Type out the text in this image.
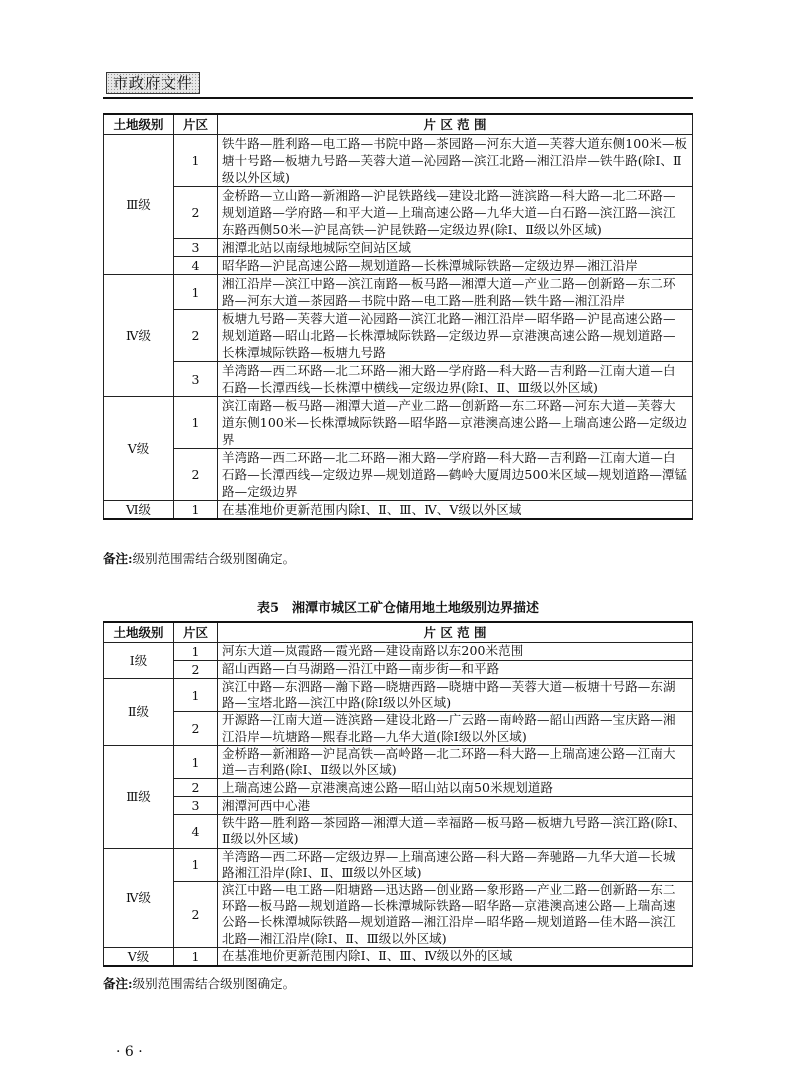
市政府文件
土地级别	片区	片 区 范 围
Ⅲ级	1	铁牛路—胜利路—电工路—书院中路—茶园路—河东大道—芙蓉大道东侧100米—板塘十号路—板塘九号路—芙蓉大道—沁园路—滨江北路—湘江沿岸—铁牛路(除Ⅰ、Ⅱ级以外区域)
	2	金桥路—立山路—新湘路—沪昆铁路线—建设北路—涟滨路—科大路—北二环路—规划道路—学府路—和平大道—上瑞高速公路—九华大道—白石路—滨江路—滨江东路西侧50米—沪昆高铁—沪昆铁路—定级边界(除Ⅰ、Ⅱ级以外区域)
	3	湘潭北站以南绿地城际空间站区域
	4	昭华路—沪昆高速公路—规划道路—长株潭城际铁路—定级边界—湘江沿岸
Ⅳ级	1	湘江沿岸—滨江中路—滨江南路—板马路—湘潭大道—产业二路—创新路—东二环路—河东大道—茶园路—书院中路—电工路—胜利路—铁牛路—湘江沿岸
	2	板塘九号路—芙蓉大道—沁园路—滨江北路—湘江沿岸—昭华路—沪昆高速公路—规划道路—昭山北路—长株潭城际铁路—定级边界—京港澳高速公路—规划道路—长株潭城际铁路—板塘九号路
	3	羊湾路—西二环路—北二环路—湘大路—学府路—科大路—吉利路—江南大道—白石路—长潭西线—长株潭中横线—定级边界(除Ⅰ、Ⅱ、Ⅲ级以外区域)
Ⅴ级	1	滨江南路—板马路—湘潭大道—产业二路—创新路—东二环路—河东大道—芙蓉大道东侧100米—长株潭城际铁路—昭华路—京港澳高速公路—上瑞高速公路—定级边界
	2	羊湾路—西二环路—北二环路—湘大路—学府路—科大路—吉利路—江南大道—白石路—长潭西线—定级边界—规划道路—鹤岭大厦周边500米区域—规划道路—潭锰路—定级边界
Ⅵ级	1	在基准地价更新范围内除Ⅰ、Ⅱ、Ⅲ、Ⅳ、Ⅴ级以外区域
备注:级别范围需结合级别图确定。
表5　湘潭市城区工矿仓储用地土地级别边界描述
土地级别	片区	片 区 范 围
Ⅰ级	1	河东大道—岚霞路—霞光路—建设南路以东200米范围
	2	韶山西路—白马湖路—沿江中路—南步街—和平路
Ⅱ级	1	滨江中路—东泗路—瀚下路—晓塘西路—晓塘中路—芙蓉大道—板塘十号路—东湖路—宝塔北路—滨江中路(除Ⅰ级以外区域)
	2	开源路—江南大道—涟滨路—建设北路—广云路—南岭路—韶山西路—宝庆路—湘江沿岸—坑塘路—熙春北路—九华大道(除Ⅰ级以外区域)
Ⅲ级	1	金桥路—新湘路—沪昆高铁—高岭路—北二环路—科大路—上瑞高速公路—江南大道—吉利路(除Ⅰ、Ⅱ级以外区域)
	2	上瑞高速公路—京港澳高速公路—昭山站以南50米规划道路
	3	湘潭河西中心港
	4	铁牛路—胜利路—茶园路—湘潭大道—幸福路—板马路—板塘九号路—滨江路(除Ⅰ、Ⅱ级以外区域)
Ⅳ级	1	羊湾路—西二环路—定级边界—上瑞高速公路—科大路—奔驰路—九华大道—长城路湘江沿岸(除Ⅰ、Ⅱ、Ⅲ级以外区域)
	2	滨江中路—电工路—阳塘路—迅达路—创业路—象形路—产业二路—创新路—东二环路—板马路—规划道路—长株潭城际铁路—昭华路—京港澳高速公路—上瑞高速公路—长株潭城际铁路—规划道路—湘江沿岸—昭华路—规划道路—佳木路—滨江北路—湘江沿岸(除Ⅰ、Ⅱ、Ⅲ级以外区域)
Ⅴ级	1	在基准地价更新范围内除Ⅰ、Ⅱ、Ⅲ、Ⅳ级以外的区域
备注:级别范围需结合级别图确定。
· 6 ·
